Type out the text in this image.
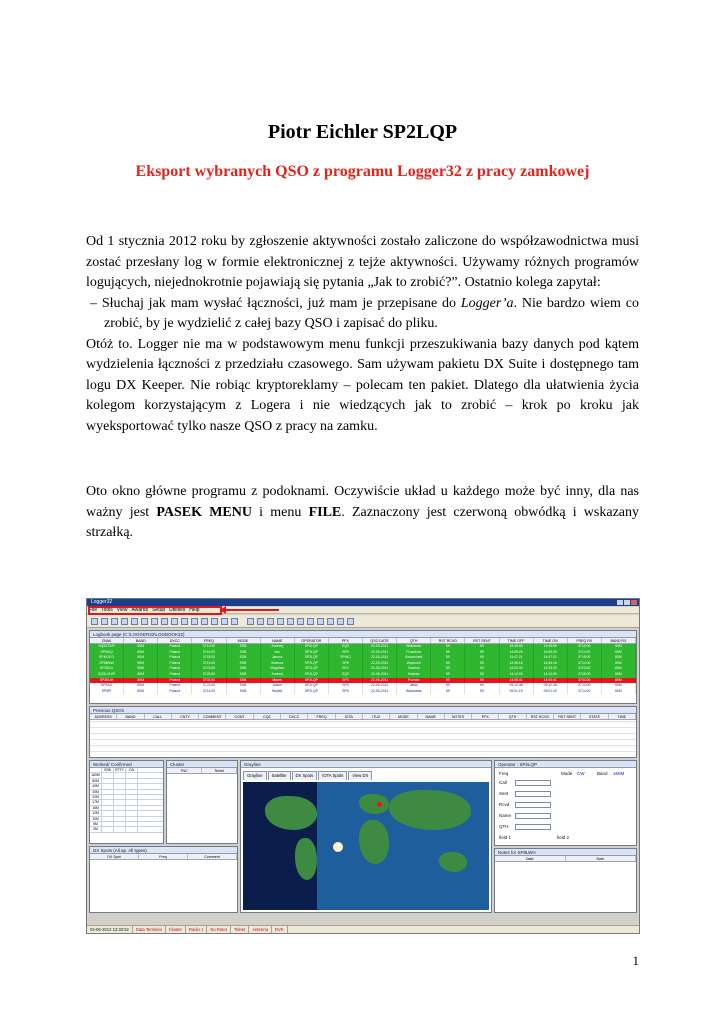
Piotr Eichler SP2LQP
Eksport wybranych QSO z programu Logger32 z pracy zamkowej

Od 1 stycznia 2012 roku by zgłoszenie aktywności zostało zaliczone do współzawodnictwa musi zostać przesłany log w formie elektronicznej z tejże aktywności. Używamy różnych programów logujących, niejednokrotnie pojawiają się pytania „Jak to zrobić?”. Ostatnio kolega zapytał:

– Słuchaj jak mam wysłać łączności, już mam je przepisane do Logger’a. Nie bardzo wiem co zrobić, by je wydzielić z całej bazy QSO i zapisać do pliku.

Otóż to. Logger nie ma w podstawowym menu funkcji przeszukiwania bazy danych pod kątem wydzielenia łączności z przedziału czasowego. Sam używam pakietu DX Suite i dostępnego tam logu DX Keeper. Nie robiąc kryptoreklamy – polecam ten pakiet. Dlatego dla ułatwienia życia kolegom korzystającym z Logera i nie wiedzących jak to zrobić – krok po kroku jak wyeksportować tylko nasze QSO z pracy na zamku.

Oto okno główne programu z podoknami. Oczywiście układ u każdego może być inny, dla nas ważny jest PASEK MENU i menu FILE. Zaznaczony jest czerwoną obwódką i wskazany strzałką.
Logger32
File Tools View Awards Setup Utilities Help
Logbook page (C:\LOGGER32\LOGBOOK32)
ZNAK	BAND	DXCC	FREQ	MODE	NAME	OPERATOR	PFX	QSO DATE	QTH	RST RCVD	RST SENT	TIME OFF	TIME ON	FREQ RX	BAND RX
SQ9ATV/P	80M	Poland	3710.00	SSB	Andrzej	SP2LQP	SQ9	22-05-2011	Wilkowice	59	59	15:45:55	15:45:55	3710.00	80M
SP5DIQ	80M	Poland	3714.00	SSB	Iwo	SP2LQP	SP5	22-05-2011	Pruszków	59	59	14:59:25	14:59:25	3714.00	80M
SP4KJF/1	80M	Poland	3718.00	SSB	Janusz	SP2LQP	SP4KJ	22-05-2011	Szczecinek	59	59	14:47:21	14:47:21	3718.00	80M
SP8BNW	80M	Poland	3714.00	SSB	Tadeusz	SP2LQP	SP8	22-05-2011	Wąchock	59	59	14:36:16	14:36:16	3714.00	80M
SP2BLU	80M	Poland	3723.00	SSB	Zbigniew	SP2LQP	SP2	22-05-2011	Gdańsk	59	59	14:25:33	14:25:33	3723.00	80M
SQ9LCH/P	80M	Poland	3725.00	SSB	Andrzej	SP2LQP	SQ9	22-05-2011	Kraków	59	59	14:12:05	14:12:05	3725.00	80M
SP3EUH	80M	Poland	3703.00	SSB	Marek	SP2LQP	SP3	22-05-2011	Poznań	59	59	14:05:41	14:05:41	3703.00	80M
SP9AO	80M	Poland	3723.00	SSB	Adam	SP2LQP	SP9	22-05-2011	Jasło	59	59	09:12:48	09:12:48	3723.00	80M
SP5PI	80M	Poland	3714.00	SSB	Wojtek	SP2LQP	SP5	22-05-2011	Warszawa	59	59	09:01:19	09:01:19	3714.00	80M
Previous QSOs
ADDRESS	BAND	CALL	CNTY	COMMENT	CONT	CQZ	DXCC	FREQ	IOTA	ITUZ	MODE	NAME	NOTES	PFX	QTH	RST RCVD	RST SENT	STATE	TIME
Worked/ Confirmed
SSB	RTTY	CW
160M
80M
40M
30M
20M
17M
15M
12M
10M
6M
2M
Cluster
TNC	Telnet
Grayline
Grayline	Satellite	DX Spots	IOTA Spots	View DX
DX Spots (All ap. All types)
DX Spot	Freq	Comment
Operator : SP2LQP
Freq	Mode CW	Band 160M
Call
Sent
Rcvd
Name
QTH
field 1	field 2
Notes for SP8LWH
Date	Note
02-06-2012 12:30:52	Data Terminal	Cluster	Radio 1	No Rotor	Telnet	Antenna	DVK
1
